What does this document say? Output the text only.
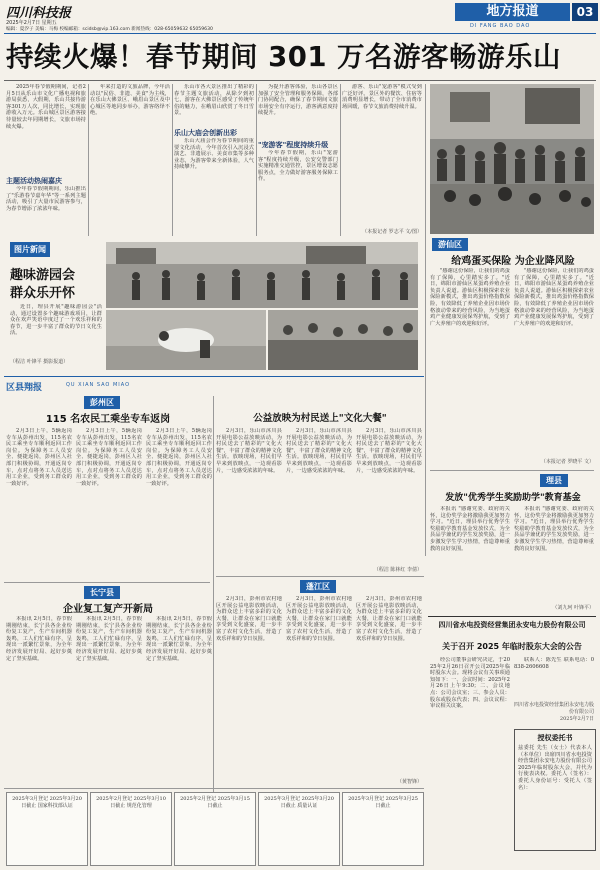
四川科技报
2025年2月7日 星期五
编辑：夏汐子 美编：马梅 校编邮箱：scidsb@vip.163.com 新闻热线：028-65059632 65059630
地方报道
DI FANG BAO DAO
03
持续火爆！春节期间 301 万名游客畅游乐山

2025年春节假期期间，记者2月5日从乐山市文化广播电视和旅游局获悉，大假期，乐山共接待游客301万人次，同比增长，实现旅游收入万元。乐山城区景区游客接待量较去年同期增长，文旅市场持续火爆。

主题活动热闹嘉庆

今年春节假期期间，乐山推出了"乐游春节嘉年华"等一系列主题活动，吸引了大量市民游客参与，为春节增添了浓浓年味。

年来打造的文旅品牌，今年活动以"民俗、非遗、美食"为主线，在乐山大佛景区、峨眉山景区及中心城区等地同步举办，游客络绎不绝。

乐山市各大景区推出了精彩的春节主题文旅活动，从除夕到初七，游客在大佛景区感受了传统年俗的魅力，在峨眉山欣赏了冬日雪景。

乐山大庙会创新出彩

乐山大庙会作为春节期间的重要文化活动，今年首次引入沉浸式演艺、非遗展示、美食市集等多种业态，为游客带来全新体验，人气持续攀升。

为提升游客体验，乐山各景区加强了安全管理和服务保障，各部门协同配合，确保了春节期间文旅市场安全有序运行，游客满意度持续提升。

"宠游客"程度持续升级

今年春节假期，乐山"宠游客"程度持续升级，公安交警部门实施精准交通管控，景区增设志愿服务点，全力做好游客服务保障工作。

游客、乐山"宠游客"模式受到广泛好评。景区外的餐饮、住宿等消费明显增长，带动了全市消费市场回暖，春节文旅消费持续升温。

（本报记者 罗志平 文/图）
图片新闻
趣味游园会
群众乐开怀

近日，理县开展"趣味游园会"活动，通过设置多个趣味游戏项目，让群众在欢声笑语中度过了一个欢乐祥和的春节，进一步丰富了群众的节日文化生活。

（程洁 叶锋平 摄影报道）
游仙区
给鸡蛋买保险 为企业降风险

"感谢这份保险，让我们的鸡蛋有了保障，心里踏实多了。"近日，绵阳市游仙区某蛋鸡养殖企业负责人说道。游仙区积极探索农业保险新模式，推出鸡蛋价格指数保险，有效降低了养殖企业因市场价格波动带来的经营风险，为当地蛋鸡产业健康发展保驾护航，受到了广大养殖户的欢迎和好评。

"感谢这份保险，让我们的鸡蛋有了保障，心里踏实多了。"近日，绵阳市游仙区某蛋鸡养殖企业负责人说道。游仙区积极探索农业保险新模式，推出鸡蛋价格指数保险，有效降低了养殖企业因市场价格波动带来的经营风险，为当地蛋鸡产业健康发展保驾护航，受到了广大养殖户的欢迎和好评。

（本报记者 罗晓平 文）
理县
发放"优秀学生奖励助学"教育基金

本报讯 "感谢党委、政府的关怀，这份奖学金将激励我更加努力学习。"近日，理县举行优秀学生奖励助学教育基金发放仪式，为全县品学兼优的学生发放奖励，进一步激发学生学习热情，营造尊师重教的良好氛围。

本报讯 "感谢党委、政府的关怀，这份奖学金将激励我更加努力学习。"近日，理县举行优秀学生奖励助学教育基金发放仪式，为全县品学兼优的学生发放奖励，进一步激发学生学习热情，营造尊师重教的良好氛围。

（刘九珂 叶锋平）
区县翔报	QU XIAN SAO MIAO
彭州区
115 名农民工乘坐专车返岗

2月3日上午，5辆返岗专车从彭州出发，115名农民工乘坐专车顺利返回工作岗位。为保障务工人员安全、便捷返岗，彭州区人社部门积极协调，开通返岗专车，点对点将务工人员送达用工企业，受到务工群众的一致好评。

2月3日上午，5辆返岗专车从彭州出发，115名农民工乘坐专车顺利返回工作岗位。为保障务工人员安全、便捷返岗，彭州区人社部门积极协调，开通返岗专车，点对点将务工人员送达用工企业，受到务工群众的一致好评。

2月3日上午，5辆返岗专车从彭州出发，115名农民工乘坐专车顺利返回工作岗位。为保障务工人员安全、便捷返岗，彭州区人社部门积极协调，开通返岗专车，点对点将务工人员送达用工企业，受到务工群众的一致好评。

公益放映为村民送上"文化大餐"

2月3日，乐山市沐川县开展电影公益放映活动，为村民送去了精彩的"文化大餐"，丰富了群众的精神文化生活。放映现场，村民们早早来到放映点，一边观看影片，一边感受浓浓的年味。

2月3日，乐山市沐川县开展电影公益放映活动，为村民送去了精彩的"文化大餐"，丰富了群众的精神文化生活。放映现场，村民们早早来到放映点，一边观看影片，一边感受浓浓的年味。

2月3日，乐山市沐川县开展电影公益放映活动，为村民送去了精彩的"文化大餐"，丰富了群众的精神文化生活。放映现场，村民们早早来到放映点，一边观看影片，一边感受浓浓的年味。

（程洁 陈林红 李倩）
长宁县
企业复工复产开新局

本报讯 2月5日，春节假期刚结束，长宁县各企业纷纷复工复产，生产车间机器轰鸣，工人们忙碌有序，呈现出一派繁忙景象，为全年经济发展开好局、起好步奠定了坚实基础。

本报讯 2月5日，春节假期刚结束，长宁县各企业纷纷复工复产，生产车间机器轰鸣，工人们忙碌有序，呈现出一派繁忙景象，为全年经济发展开好局、起好步奠定了坚实基础。

本报讯 2月5日，春节假期刚结束，长宁县各企业纷纷复工复产，生产车间机器轰鸣，工人们忙碌有序，呈现出一派繁忙景象，为全年经济发展开好局、起好步奠定了坚实基础。

蓬江区

2月3日，彭州市农村地区开展公益电影放映活动，为群众送上丰富多彩的文化大餐，让群众在家门口就能享受到文化盛宴，进一步丰富了农村文化生活，营造了欢乐祥和的节日氛围。

2月3日，彭州市农村地区开展公益电影放映活动，为群众送上丰富多彩的文化大餐，让群众在家门口就能享受到文化盛宴，进一步丰富了农村文化生活，营造了欢乐祥和的节日氛围。

2月3日，彭州市农村地区开展公益电影放映活动，为群众送上丰富多彩的文化大餐，让群众在家门口就能享受到文化盛宴，进一步丰富了农村文化生活，营造了欢乐祥和的节日氛围。

（黄智锋）
2025年3月登记 2025年3月20日截止 国家科技部认证
2025年2月登记 2025年3月10日截止 规范化管理
2025年2月登记 2025年3月15日截止
2025年3月登记 2025年3月20日截止 质量认证
2025年3月登记 2025年3月25日截止
四川省水电投资经营集团永安电力股份有限公司
关于召开 2025 年临时股东大会的公告

经公司董事会研究决定，于2025年2月26日召开公司2025年临时股东大会。现将会议有关事项通知如下：一、会议时间：2025年2月26日上午9:30；二、会议地点：公司会议室；三、参会人员：股东或股东代表；四、会议议程：审议相关议案。

联系人：陈先生 联系电话：0838-2606608

四川省水电投资经营集团永安电力股份有限公司
2025年2月7日
授权委托书
兹委托 先生（女士）代表本人（本单位）出席四川省水电投资经营集团永安电力股份有限公司2025年临时股东大会，并代为行使表决权。委托人（签名）：委托人身份证号：受托人（签名）：
